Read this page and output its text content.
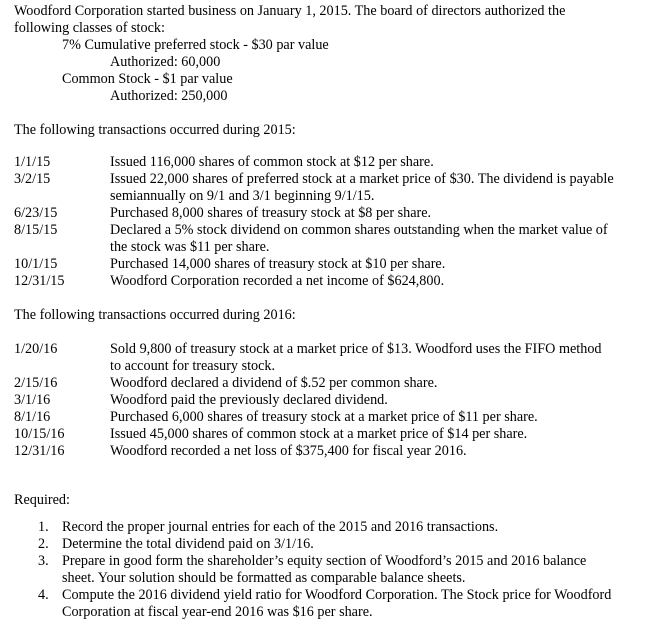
Woodford Corporation started business on January 1, 2015. The board of directors authorized the
following classes of stock:
7% Cumulative preferred stock - $30 par value
Authorized: 60,000
Common Stock - $1 par value
Authorized: 250,000
The following transactions occurred during 2015:
1/1/15	Issued 116,000 shares of common stock at $12 per share.
3/2/15	Issued 22,000 shares of preferred stock at a market price of $30. The dividend is payable
semiannually on 9/1 and 3/1 beginning 9/1/15.
6/23/15	Purchased 8,000 shares of treasury stock at $8 per share.
8/15/15	Declared a 5% stock dividend on common shares outstanding when the market value of
the stock was $11 per share.
10/1/15	Purchased 14,000 shares of treasury stock at $10 per share.
12/31/15	Woodford Corporation recorded a net income of $624,800.
The following transactions occurred during 2016:
1/20/16	Sold 9,800 of treasury stock at a market price of $13. Woodford uses the FIFO method
to account for treasury stock.
2/15/16	Woodford declared a dividend of $.52 per common share.
3/1/16	Woodford paid the previously declared dividend.
8/1/16	Purchased 6,000 shares of treasury stock at a market price of $11 per share.
10/15/16	Issued 45,000 shares of common stock at a market price of $14 per share.
12/31/16	Woodford recorded a net loss of $375,400 for fiscal year 2016.
Required:
1. Record the proper journal entries for each of the 2015 and 2016 transactions.
2. Determine the total dividend paid on 3/1/16.
3. Prepare in good form the shareholder’s equity section of Woodford’s 2015 and 2016 balance
sheet. Your solution should be formatted as comparable balance sheets.
4. Compute the 2016 dividend yield ratio for Woodford Corporation. The Stock price for Woodford
Corporation at fiscal year-end 2016 was $16 per share.
